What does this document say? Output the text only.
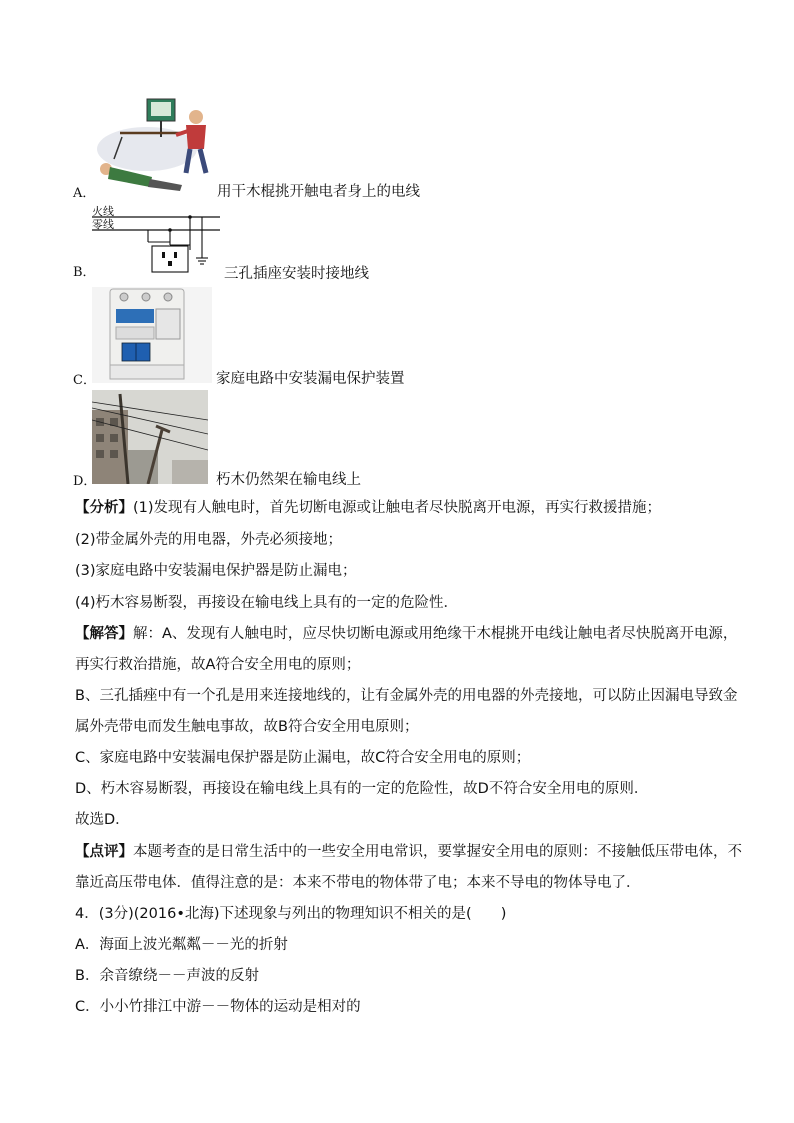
A．	用干木棍挑开触电者身上的电线
火线
零线
B．	三孔插座安装时接地线
C．	家庭电路中安装漏电保护装置
D．	朽木仍然架在输电线上
【分析】(1)发现有人触电时，首先切断电源或让触电者尽快脱离开电源，再实行救援措施；
(2)带金属外壳的用电器，外壳必须接地；
(3)家庭电路中安装漏电保护器是防止漏电；
(4)朽木容易断裂，再接设在输电线上具有的一定的危险性．
【解答】解：A、发现有人触电时，应尽快切断电源或用绝缘干木棍挑开电线让触电者尽快脱离开电源，
再实行救治措施，故A符合安全用电的原则；
B、三孔插痤中有一个孔是用来连接地线的，让有金属外壳的用电器的外壳接地，可以防止因漏电导致金
属外壳带电而发生触电事故，故B符合安全用电原则；
C、家庭电路中安装漏电保护器是防止漏电，故C符合安全用电的原则；
D、朽木容易断裂，再接设在输电线上具有的一定的危险性，故D不符合安全用电的原则．
故选D．
【点评】本题考查的是日常生活中的一些安全用电常识，要掌握安全用电的原则：不接触低压带电体，不
靠近高压带电体．值得注意的是：本来不带电的物体带了电；本来不导电的物体导电了．
4．(3分)(2016•北海)下述现象与列出的物理知识不相关的是(　　)
A．海面上波光粼粼－－光的折射
B．余音缭绕－－声波的反射
C．小小竹排江中游－－物体的运动是相对的
